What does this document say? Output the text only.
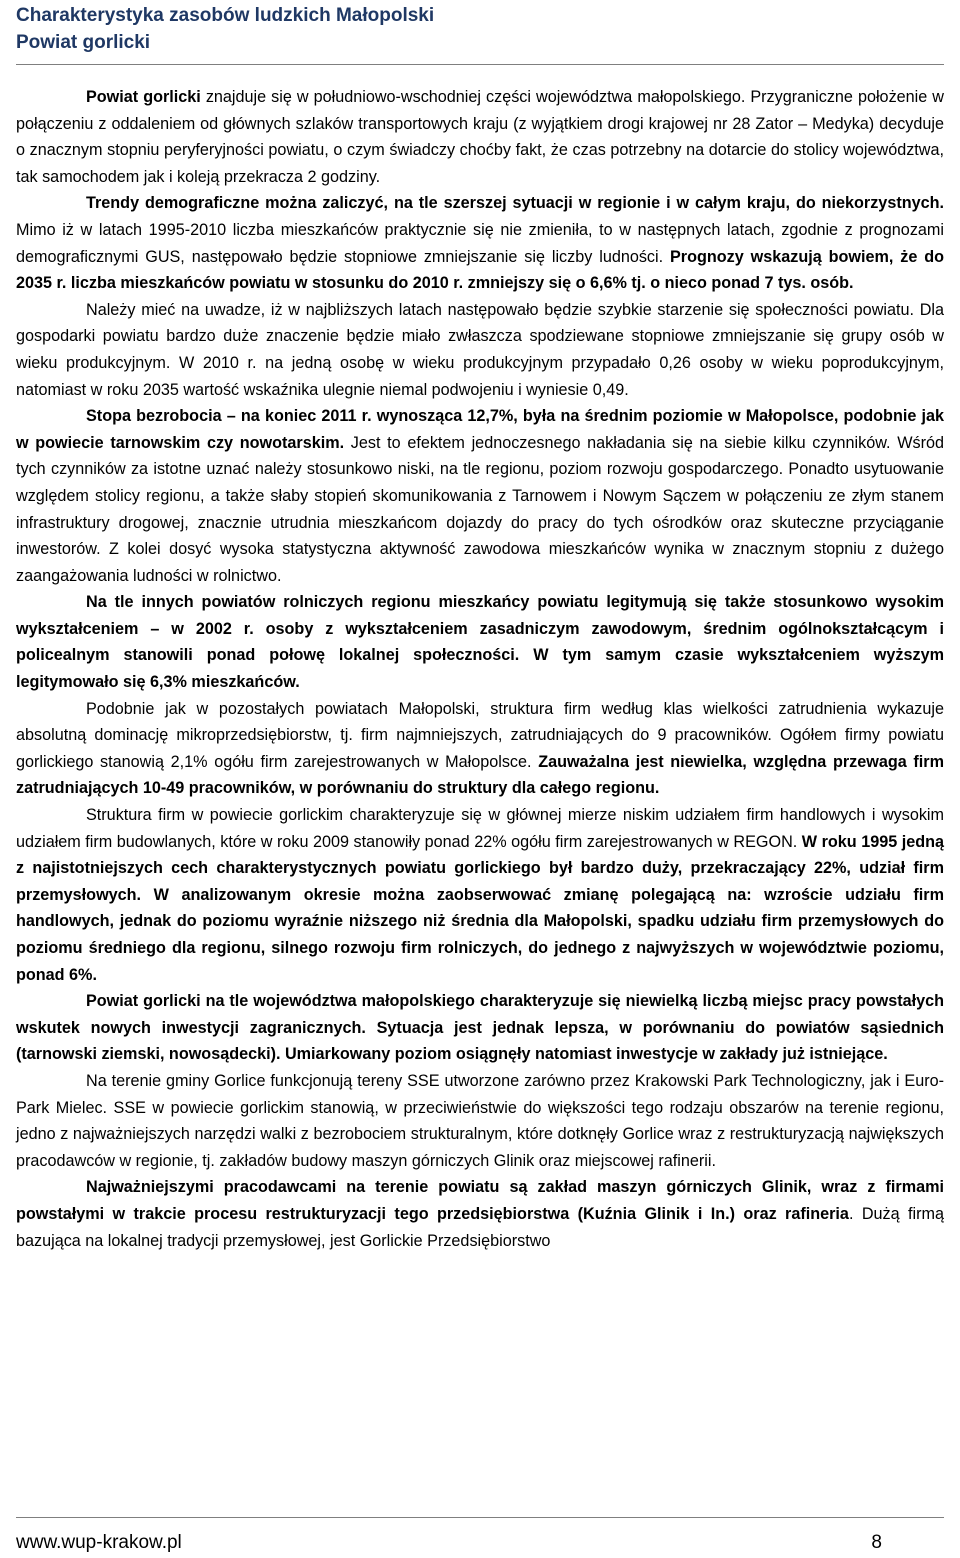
Charakterystyka zasobów ludzkich Małopolski
Powiat gorlicki

Powiat gorlicki znajduje się w południowo-wschodniej części województwa małopolskiego. Przygraniczne położenie w połączeniu z oddaleniem od głównych szlaków transportowych kraju (z wyjątkiem drogi krajowej nr 28 Zator – Medyka) decyduje o znacznym stopniu peryferyjności powiatu, o czym świadczy choćby fakt, że czas potrzebny na dotarcie do stolicy województwa, tak samochodem jak i koleją przekracza 2 godziny.

Trendy demograficzne można zaliczyć, na tle szerszej sytuacji w regionie i w całym kraju, do niekorzystnych. Mimo iż w latach 1995-2010 liczba mieszkańców praktycznie się nie zmieniła, to w następnych latach, zgodnie z prognozami demograficznymi GUS, następowało będzie stopniowe zmniejszanie się liczby ludności. Prognozy wskazują bowiem, że do 2035 r. liczba mieszkańców powiatu w stosunku do 2010 r. zmniejszy się o 6,6% tj. o nieco ponad 7 tys. osób.

Należy mieć na uwadze, iż w najbliższych latach następowało będzie szybkie starzenie się społeczności powiatu. Dla gospodarki powiatu bardzo duże znaczenie będzie miało zwłaszcza spodziewane stopniowe zmniejszanie się grupy osób w wieku produkcyjnym. W 2010 r. na jedną osobę w wieku produkcyjnym przypadało 0,26 osoby w wieku poprodukcyjnym, natomiast w roku 2035 wartość wskaźnika ulegnie niemal podwojeniu i wyniesie 0,49.

Stopa bezrobocia – na koniec 2011 r. wynosząca 12,7%, była na średnim poziomie w Małopolsce, podobnie jak w powiecie tarnowskim czy nowotarskim. Jest to efektem jednoczesnego nakładania się na siebie kilku czynników. Wśród tych czynników za istotne uznać należy stosunkowo niski, na tle regionu, poziom rozwoju gospodarczego. Ponadto usytuowanie względem stolicy regionu, a także słaby stopień skomunikowania z Tarnowem i Nowym Sączem w połączeniu ze złym stanem infrastruktury drogowej, znacznie utrudnia mieszkańcom dojazdy do pracy do tych ośrodków oraz skuteczne przyciąganie inwestorów. Z kolei dosyć wysoka statystyczna aktywność zawodowa mieszkańców wynika w znacznym stopniu z dużego zaangażowania ludności w rolnictwo.

Na tle innych powiatów rolniczych regionu mieszkańcy powiatu legitymują się także stosunkowo wysokim wykształceniem – w 2002 r. osoby z wykształceniem zasadniczym zawodowym, średnim ogólnokształcącym i policealnym stanowili ponad połowę lokalnej społeczności. W tym samym czasie wykształceniem wyższym legitymowało się 6,3% mieszkańców.

Podobnie jak w pozostałych powiatach Małopolski, struktura firm według klas wielkości zatrudnienia wykazuje absolutną dominację mikroprzedsiębiorstw, tj. firm najmniejszych, zatrudniających do 9 pracowników. Ogółem firmy powiatu gorlickiego stanowią 2,1% ogółu firm zarejestrowanych w Małopolsce. Zauważalna jest niewielka, względna przewaga firm zatrudniających 10-49 pracowników, w porównaniu do struktury dla całego regionu.

Struktura firm w powiecie gorlickim charakteryzuje się w głównej mierze niskim udziałem firm handlowych i wysokim udziałem firm budowlanych, które w roku 2009 stanowiły ponad 22% ogółu firm zarejestrowanych w REGON. W roku 1995 jedną z najistotniejszych cech charakterystycznych powiatu gorlickiego był bardzo duży, przekraczający 22%, udział firm przemysłowych. W analizowanym okresie można zaobserwować zmianę polegającą na: wzroście udziału firm handlowych, jednak do poziomu wyraźnie niższego niż średnia dla Małopolski, spadku udziału firm przemysłowych do poziomu średniego dla regionu, silnego rozwoju firm rolniczych, do jednego z najwyższych w województwie poziomu, ponad 6%.

Powiat gorlicki na tle województwa małopolskiego charakteryzuje się niewielką liczbą miejsc pracy powstałych wskutek nowych inwestycji zagranicznych. Sytuacja jest jednak lepsza, w porównaniu do powiatów sąsiednich (tarnowski ziemski, nowosądecki). Umiarkowany poziom osiągnęły natomiast inwestycje w zakłady już istniejące.

Na terenie gminy Gorlice funkcjonują tereny SSE utworzone zarówno przez Krakowski Park Technologiczny, jak i Euro-Park Mielec. SSE w powiecie gorlickim stanowią, w przeciwieństwie do większości tego rodzaju obszarów na terenie regionu, jedno z najważniejszych narzędzi walki z bezrobociem strukturalnym, które dotknęły Gorlice wraz z restrukturyzacją największych pracodawców w regionie, tj. zakładów budowy maszyn górniczych Glinik oraz miejscowej rafinerii.

Najważniejszymi pracodawcami na terenie powiatu są zakład maszyn górniczych Glinik, wraz z firmami powstałymi w trakcie procesu restrukturyzacji tego przedsiębiorstwa (Kuźnia Glinik i In.) oraz rafineria. Dużą firmą bazująca na lokalnej tradycji przemysłowej, jest Gorlickie Przedsiębiorstwo

www.wup-krakow.pl	8
